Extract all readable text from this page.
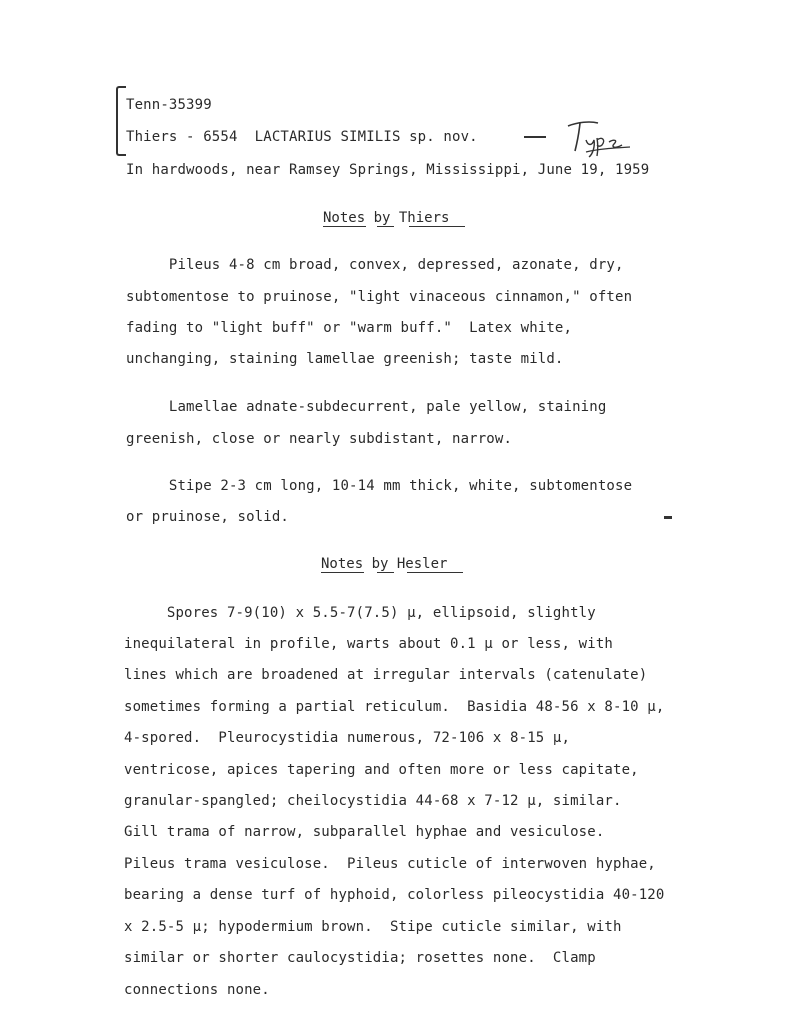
Tenn-35399
Thiers - 6554  LACTARIUS SIMILIS sp. nov.
In hardwoods, near Ramsey Springs, Mississippi, June 19, 1959
Notes by Thiers
Pileus 4-8 cm broad, convex, depressed, azonate, dry,
subtomentose to pruinose, "light vinaceous cinnamon," often
fading to "light buff" or "warm buff."  Latex white,
unchanging, staining lamellae greenish; taste mild.
Lamellae adnate-subdecurrent, pale yellow, staining
greenish, close or nearly subdistant, narrow.
Stipe 2-3 cm long, 10-14 mm thick, white, subtomentose
or pruinose, solid.
Notes by Hesler
Spores 7-9(10) x 5.5-7(7.5) µ, ellipsoid, slightly
inequilateral in profile, warts about 0.1 µ or less, with
lines which are broadened at irregular intervals (catenulate)
sometimes forming a partial reticulum.  Basidia 48-56 x 8-10 µ,
4-spored.  Pleurocystidia numerous, 72-106 x 8-15 µ,
ventricose, apices tapering and often more or less capitate,
granular-spangled; cheilocystidia 44-68 x 7-12 µ, similar.
Gill trama of narrow, subparallel hyphae and vesiculose.
Pileus trama vesiculose.  Pileus cuticle of interwoven hyphae,
bearing a dense turf of hyphoid, colorless pileocystidia 40-120
x 2.5-5 µ; hypodermium brown.  Stipe cuticle similar, with
similar or shorter caulocystidia; rosettes none.  Clamp
connections none.
